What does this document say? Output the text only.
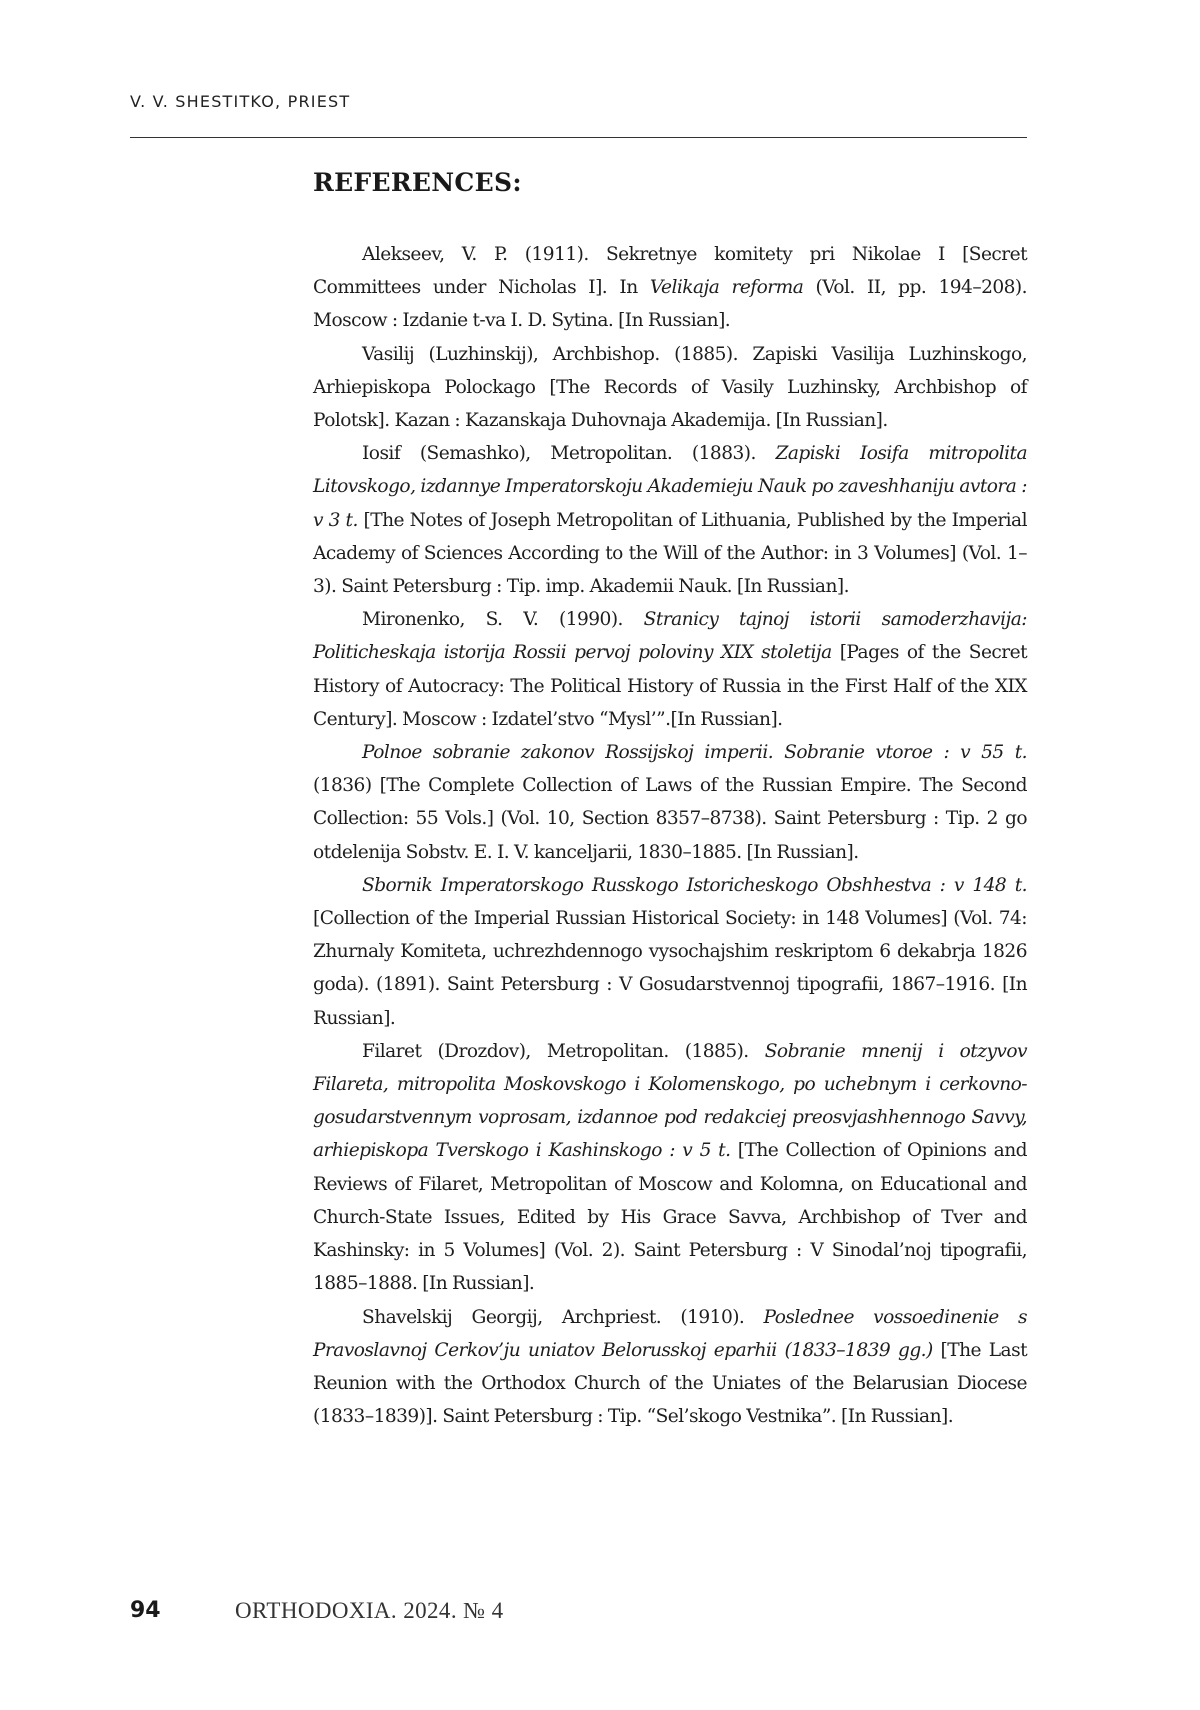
V. V. SHESTITKO, PRIEST
REFERENCES:
Alekseev, V. P. (1911). Sekretnye komitety pri Nikolae I [Secret Committees under Nicholas I]. In Velikaja reforma (Vol. II, pp. 194–208). Moscow : Izdanie t-va I. D. Sytina. [In Russian].
Vasilij (Luzhinskij), Archbishop. (1885). Zapiski Vasilija Luzhinskogo, Arhiepiskopa Polockago [The Records of Vasily Luzhinsky, Archbishop of Polotsk]. Kazan : Kazanskaja Duhovnaja Akademija. [In Russian].
Iosif (Semashko), Metropolitan. (1883). Zapiski Iosifa mitropolita Litovskogo, izdannye Imperatorskoju Akademieju Nauk po zaveshhaniju avtora : v 3 t. [The Notes of Joseph Metropolitan of Lithuania, Published by the Imperial Academy of Sciences According to the Will of the Author: in 3 Volumes] (Vol. 1–3). Saint Petersburg : Tip. imp. Akademii Nauk. [In Russian].
Mironenko, S. V. (1990). Stranicy tajnoj istorii samoderzhavija: Politicheskaja istorija Rossii pervoj poloviny XIX stoletija [Pages of the Secret History of Autocracy: The Political History of Russia in the First Half of the XIX Century]. Moscow : Izdatel’stvo “Mysl’”.[In Russian].
Polnoe sobranie zakonov Rossijskoj imperii. Sobranie vtoroe : v 55 t. (1836) [The Complete Collection of Laws of the Russian Empire. The Second Collection: 55 Vols.] (Vol. 10, Section 8357–8738). Saint Petersburg : Tip. 2 go otdelenija Sobstv. E. I. V. kanceljarii, 1830–1885. [In Russian].
Sbornik Imperatorskogo Russkogo Istoricheskogo Obshhestva : v 148 t. [Collection of the Imperial Russian Historical Society: in 148 Volumes] (Vol. 74: Zhurnaly Komiteta, uchrezhdennogo vysochajshim reskriptom 6 dekabrja 1826 goda). (1891). Saint Petersburg : V Gosudarstvennoj tipografii, 1867–1916. [In Russian].
Filaret (Drozdov), Metropolitan. (1885). Sobranie mnenij i otzyvov Filareta, mitropolita Moskovskogo i Kolomenskogo, po uchebnym i cerkovno-gosudarstvennym voprosam, izdannoe pod redakciej preosvjashhennogo Savvy, arhiepiskopa Tverskogo i Kashinskogo : v 5 t. [The Collection of Opinions and Reviews of Filaret, Metropolitan of Moscow and Kolomna, on Educational and Church-State Issues, Edited by His Grace Savva, Archbishop of Tver and Kashinsky: in 5 Volumes] (Vol. 2). Saint Petersburg : V Sinodal’noj tipografii, 1885–1888. [In Russian].
Shavelskij Georgij, Archpriest. (1910). Poslednee vossoedinenie s Pravoslavnoj Cerkov’ju uniatov Belorusskoj eparhii (1833–1839 gg.) [The Last Reunion with the Orthodox Church of the Uniates of the Belarusian Diocese (1833–1839)]. Saint Petersburg : Tip. “Sel’skogo Vestnika”. [In Russian].
94	ORTHODOXIA. 2024. № 4
